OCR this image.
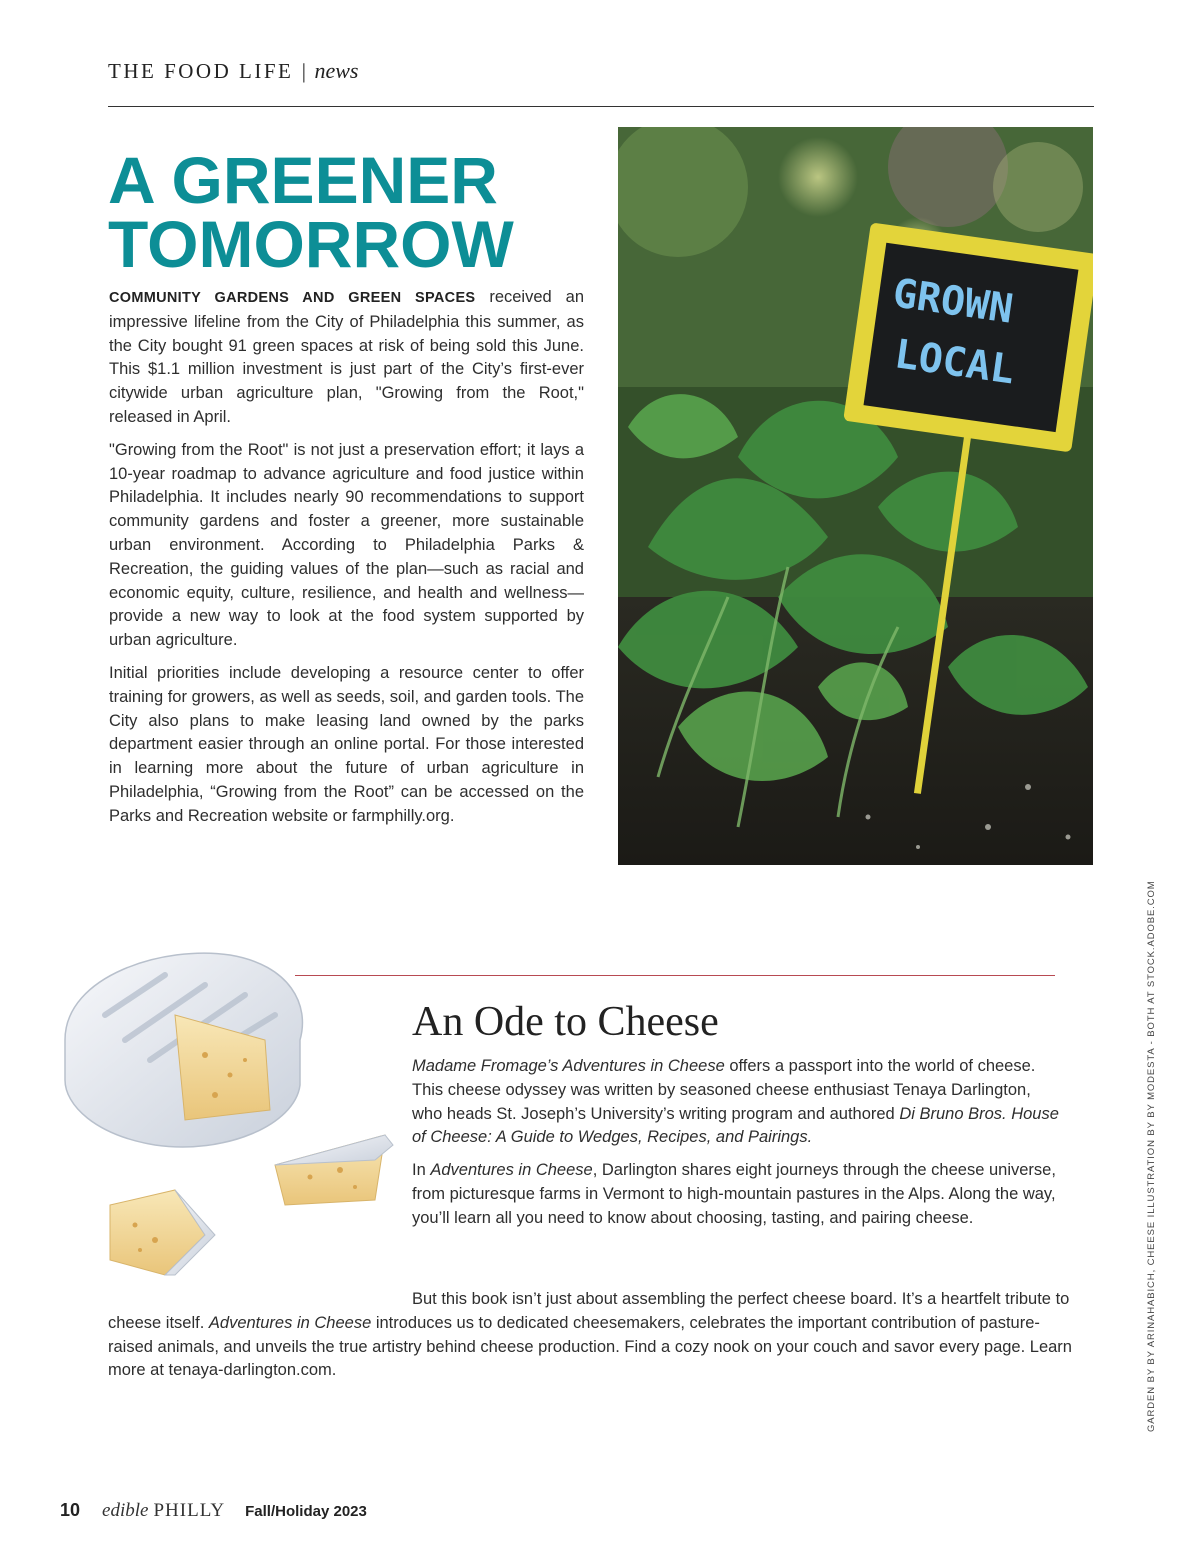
THE FOOD LIFE | news
A GREENER
TOMORROW

COMMUNITY GARDENS AND GREEN SPACES received an impressive lifeline from the City of Philadelphia this summer, as the City bought 91 green spaces at risk of being sold this June. This $1.1 million investment is just part of the City’s first-ever citywide urban agriculture plan, "Growing from the Root," released in April.

"Growing from the Root" is not just a preservation effort; it lays a 10-year roadmap to advance agriculture and food justice within Philadelphia. It includes nearly 90 recommendations to support community gardens and foster a greener, more sustainable urban environment. According to Philadelphia Parks & Recreation, the guiding values of the plan—such as racial and economic equity, culture, resilience, and health and wellness—provide a new way to look at the food system supported by urban agriculture.

Initial priorities include developing a resource center to offer training for growers, as well as seeds, soil, and garden tools. The City also plans to make leasing land owned by the parks department easier through an online portal. For those interested in learning more about the future of urban agriculture in Philadelphia, “Growing from the Root” can be accessed on the Parks and Recreation website or farmphilly.org.

GROWN
LOCAL
GARDEN BY BY ARINAHABICH, CHEESE ILLUSTRATION BY BY MODESTA - BOTH AT STOCK.ADOBE.COM
An Ode to Cheese

Madame Fromage’s Adventures in Cheese offers a passport into the world of cheese. This cheese odyssey was written by seasoned cheese enthusiast Tenaya Darlington, who heads St. Joseph’s University’s writing program and authored Di Bruno Bros. House of Cheese: A Guide to Wedges, Recipes, and Pairings.

In Adventures in Cheese, Darlington shares eight journeys through the cheese universe, from picturesque farms in Vermont to high-mountain pastures in the Alps. Along the way, you’ll learn all you need to know about choosing, tasting, and pairing cheese.

But this book isn’t just about assembling the perfect cheese board. It’s a heartfelt tribute to cheese itself. Adventures in Cheese introduces us to dedicated cheesemakers, celebrates the important contribution of pasture-raised animals, and unveils the true artistry behind cheese production. Find a cozy nook on your couch and savor every page. Learn more at tenaya-darlington.com.

10 edible PHILLY Fall/Holiday 2023
